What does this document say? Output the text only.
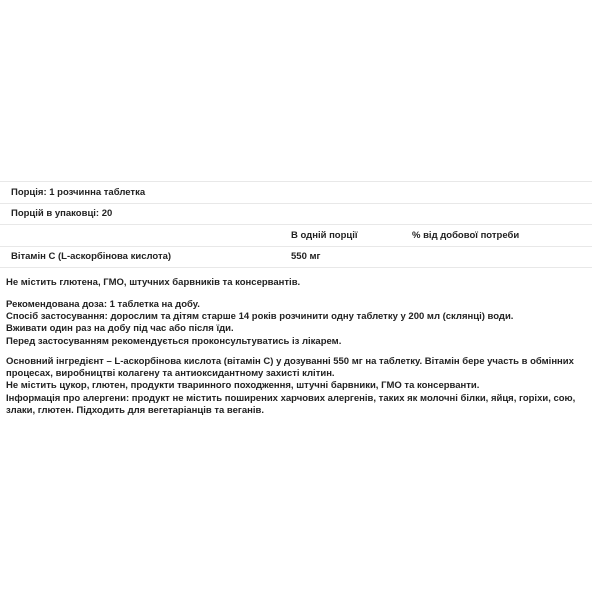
Порція: 1 розчинна таблетка		
Порцій в упаковці: 20		
	В одній порції	% від добової потреби
Вітамін С (L-аскорбінова кислота)	550 мг	

Не містить глютена, ГМО, штучних барвників та консервантів.

Рекомендована доза: 1 таблетка на добу.

Спосіб застосування: дорослим та дітям старше 14 років розчинити одну таблетку у 200 мл (склянці) води.

Вживати один раз на добу під час або після їди.

Перед застосуванням рекомендується проконсультуватись із лікарем.

Основний інгредієнт – L-аскорбінова кислота (вітамін С) у дозуванні 550 мг на таблетку. Вітамін бере участь в обмінних процесах, виробництві колагену та антиоксидантному захисті клітин.

Не містить цукор, глютен, продукти тваринного походження, штучні барвники, ГМО та консерванти.

Інформація про алергени: продукт не містить поширених харчових алергенів, таких як молочні білки, яйця, горіхи, сою, злаки, глютен. Підходить для вегетаріанців та веганів.
